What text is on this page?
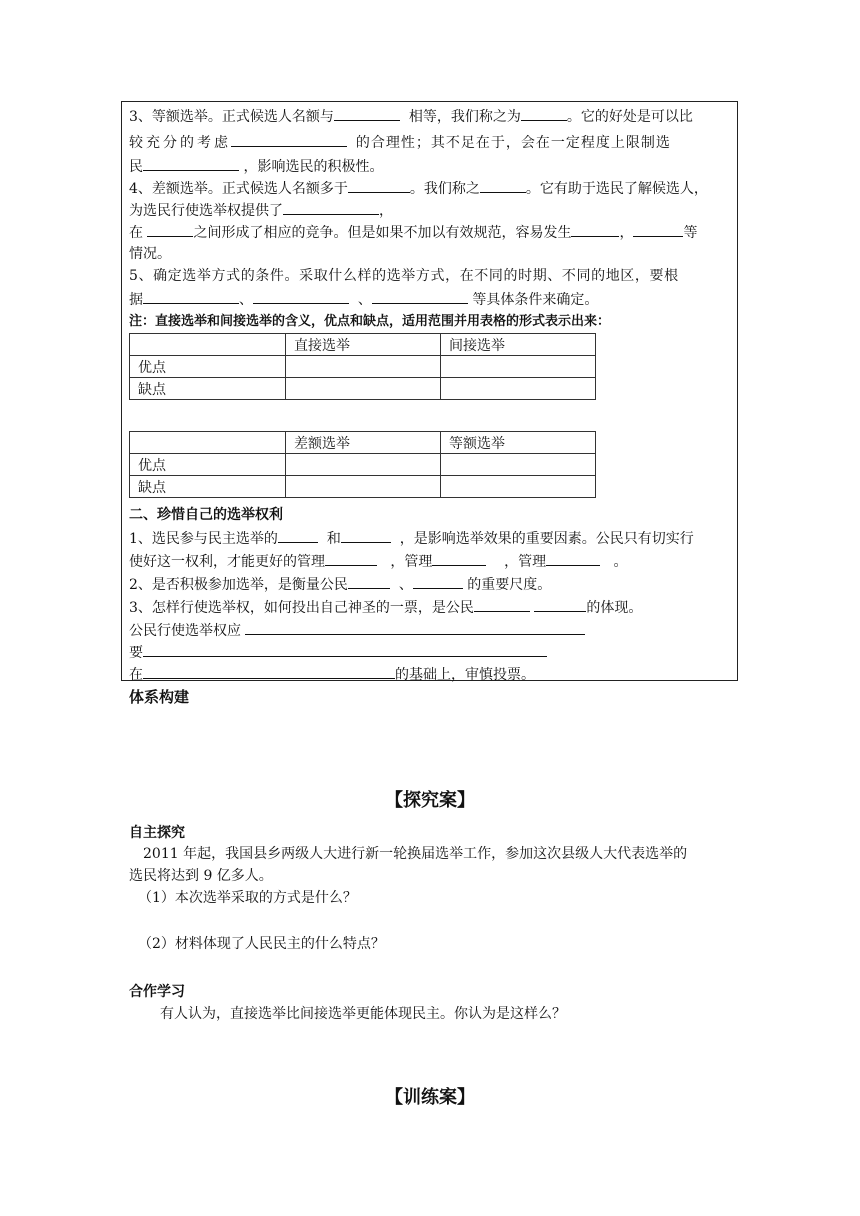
3、等额选举。正式候选人名额与	相等，我们称之为	。它的好处是可以比
较充分的考虑	的合理性；其不足在于，会在一定程度上限制选
民	，影响选民的积极性。
4、差额选举。正式候选人名额多于	。我们称之	。它有助于选民了解候选人，
为选民行使选举权提供了	，
在	之间形成了相应的竞争。但是如果不加以有效规范，容易发生	，	等
情况。
5、确定选举方式的条件。采取什么样的选举方式，在不同的时期、不同的地区，要根
据	、	、	等具体条件来确定。
注：直接选举和间接选举的含义，优点和缺点，适用范围并用表格的形式表示出来：
	直接选举	间接选举
优点		
缺点		
	差额选举	等额选举
优点		
缺点		
二、珍惜自己的选举权利
1、选民参与民主选举的	和	，是影响选举效果的重要因素。公民只有切实行
使好这一权利，才能更好的管理	，管理	，管理	。
2、是否积极参加选举，是衡量公民	、	的重要尺度。
3、怎样行使选举权，如何投出自己神圣的一票，是公民	的体现。
公民行使选举权应
要
在	的基础上，审慎投票。
体系构建
【探究案】
自主探究
2011 年起，我国县乡两级人大进行新一轮换届选举工作，参加这次县级人大代表选举的
选民将达到 9 亿多人。
（1）本次选举采取的方式是什么？
（2）材料体现了人民民主的什么特点？
合作学习
有人认为，直接选举比间接选举更能体现民主。你认为是这样么？
【训练案】
